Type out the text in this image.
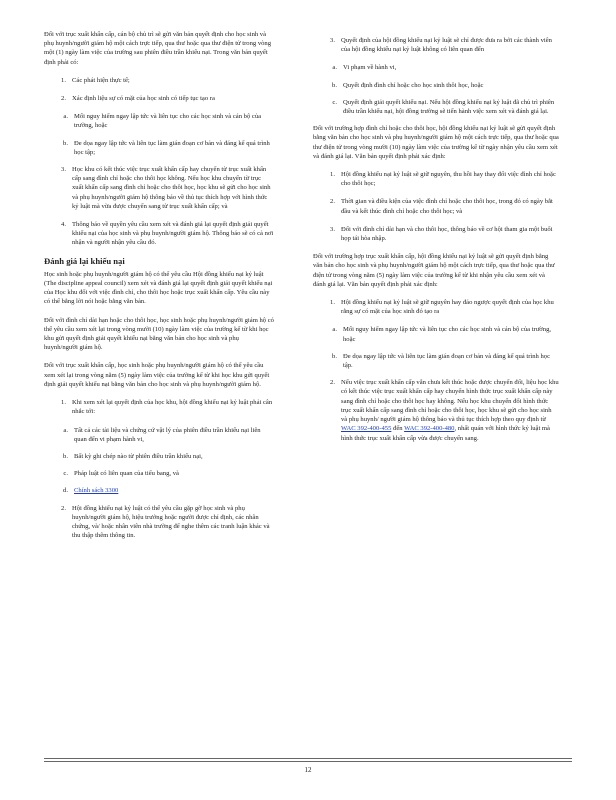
Đối với trục xuất khẩn cấp, cán bộ chủ trì sẽ gửi văn bản quyết định cho học sinh và phụ huynh/người giám hộ một cách trực tiếp, qua thư hoặc qua thư điện tử trong vòng một (1) ngày làm việc của trường sau phiên điều trần khiếu nại. Trong văn bản quyết định phải có:

1. Các phát hiện thực tế;
2. Xác định liệu sự có mặt của học sinh có tiếp tục tạo ra
a. Mối nguy hiểm ngay lập tức và liên tục cho các học sinh và cán bộ của trường, hoặc
b. Đe dọa ngay lập tức và liên tục làm gián đoạn cơ bản và đáng kể quá trình học tập;
3. Học khu có kết thúc việc trục xuất khẩn cấp hay chuyển từ trục xuất khẩn cấp sang đình chỉ hoặc cho thôi học không. Nếu học khu chuyển từ trục xuất khẩn cấp sang đình chỉ hoặc cho thôi học, học khu sẽ gửi cho học sinh và phụ huynh/người giám hộ thông báo về thủ tục thích hợp với hình thức kỷ luật mà vừa được chuyển sang từ trục xuất khẩn cấp; và
4. Thông báo về quyền yêu cầu xem xét và đánh giá lại quyết định giải quyết khiếu nại của học sinh và phụ huynh/người giám hộ. Thông báo sẽ có cả nơi nhận và người nhận yêu cầu đó.
Đánh giá lại khiếu nại

Học sinh hoặc phụ huynh/người giám hộ có thể yêu cầu Hội đồng khiếu nại kỷ luật (The discipline appeal council) xem xét và đánh giá lại quyết định giải quyết khiếu nại của Học khu đối với việc đình chỉ, cho thôi học hoặc trục xuất khẩn cấp. Yêu cầu này có thể bằng lời nói hoặc bằng văn bản.

Đối với đình chỉ dài hạn hoặc cho thôi học, học sinh hoặc phụ huynh/người giám hộ có thể yêu cầu xem xét lại trong vòng mười (10) ngày làm việc của trường kể từ khi học khu gửi quyết định giải quyết khiếu nại bằng văn bản cho học sinh và phụ huynh/người giám hộ.

Đối với trục xuất khẩn cấp, học sinh hoặc phụ huynh/người giám hộ có thể yêu cầu xem xét lại trong vòng năm (5) ngày làm việc của trường kể từ khi học khu gửi quyết định giải quyết khiếu nại bằng văn bản cho học sinh và phụ huynh/người giám hộ.

1. Khi xem xét lại quyết định của học khu, hội đồng khiếu nại kỷ luật phải cân nhắc tới:
a. Tất cả các tài liệu và chứng cứ vật lý của phiên điều trần khiếu nại liên quan đến vi phạm hành vi,
b. Bất kỳ ghi chép nào từ phiên điều trần khiếu nại,
c. Pháp luật có liên quan của tiểu bang, và
d. Chính sách 3300
2. Hội đồng khiếu nại kỷ luật có thể yêu cầu gặp gỡ học sinh và phụ huynh/người giám hộ, hiệu trưởng hoặc người được chỉ định, các nhân chứng, và/ hoặc nhân viên nhà trường để nghe thêm các tranh luận khác và thu thập thêm thông tin.
3. Quyết định của hội đồng khiếu nại kỷ luật sẽ chỉ được đưa ra bởi các thành viên của hội đồng khiếu nại kỷ luật không có liên quan đến
a. Vi phạm về hành vi,
b. Quyết định đình chỉ hoặc cho học sinh thôi học, hoặc
c. Quyết định giải quyết khiếu nại. Nếu hội đồng khiếu nại kỷ luật đã chủ trì phiên điều trần khiếu nại, hội đồng trường sẽ tiến hành việc xem xét và đánh giá lại.

Đối với trường hợp đình chỉ hoặc cho thôi học, hội đồng khiếu nại kỷ luật sẽ gửi quyết định bằng văn bản cho học sinh và phụ huynh/người giám hộ một cách trực tiếp, qua thư hoặc qua thư điện tử trong vòng mười (10) ngày làm việc của trường kể từ ngày nhận yêu cầu xem xét và đánh giá lại. Văn bản quyết định phải xác định:

1. Hội đồng khiếu nại kỷ luật sẽ giữ nguyên, thu hồi hay thay đổi việc đình chỉ hoặc cho thôi học;
2. Thời gian và điều kiện của việc đình chỉ hoặc cho thôi học, trong đó có ngày bắt đầu và kết thúc đình chỉ hoặc cho thôi học; và
3. Đối với đình chỉ dài hạn và cho thôi học, thông báo về cơ hội tham gia một buổi họp tái hòa nhập.

Đối với trường hợp trục xuất khẩn cấp, hội đồng khiếu nại kỷ luật sẽ gửi quyết định bằng văn bản cho học sinh và phụ huynh/người giám hộ một cách trực tiếp, qua thư hoặc qua thư điện tử trong vòng năm (5) ngày làm việc của trường kể từ khi nhận yêu cầu xem xét và đánh giá lại. Văn bản quyết định phải xác định:

1. Hội đồng khiếu nại kỷ luật sẽ giữ nguyên hay đảo ngược quyết định của học khu rằng sự có mặt của học sinh đó tạo ra
a. Mối nguy hiểm ngay lập tức và liên tục cho các học sinh và cán bộ của trường, hoặc
b. Đe dọa ngay lập tức và liên tục làm gián đoạn cơ bản và đáng kể quá trình học tập.
2. Nếu việc trục xuất khẩn cấp vẫn chưa kết thúc hoặc được chuyển đổi, liệu học khu có kết thúc việc trục xuất khẩn cấp hay chuyển hình thức trục xuất khẩn cấp này sang đình chỉ hoặc cho thôi học hay không. Nếu học khu chuyển đổi hình thức trục xuất khẩn cấp sang đình chỉ hoặc cho thôi học, học khu sẽ gửi cho học sinh và phụ huynh/ người giám hộ thông báo và thủ tục thích hợp theo quy định từ WAC 392-400-455 đến WAC 392-400-480, nhất quán với hình thức kỷ luật mà hình thức trục xuất khẩn cấp vừa được chuyển sang.
12
